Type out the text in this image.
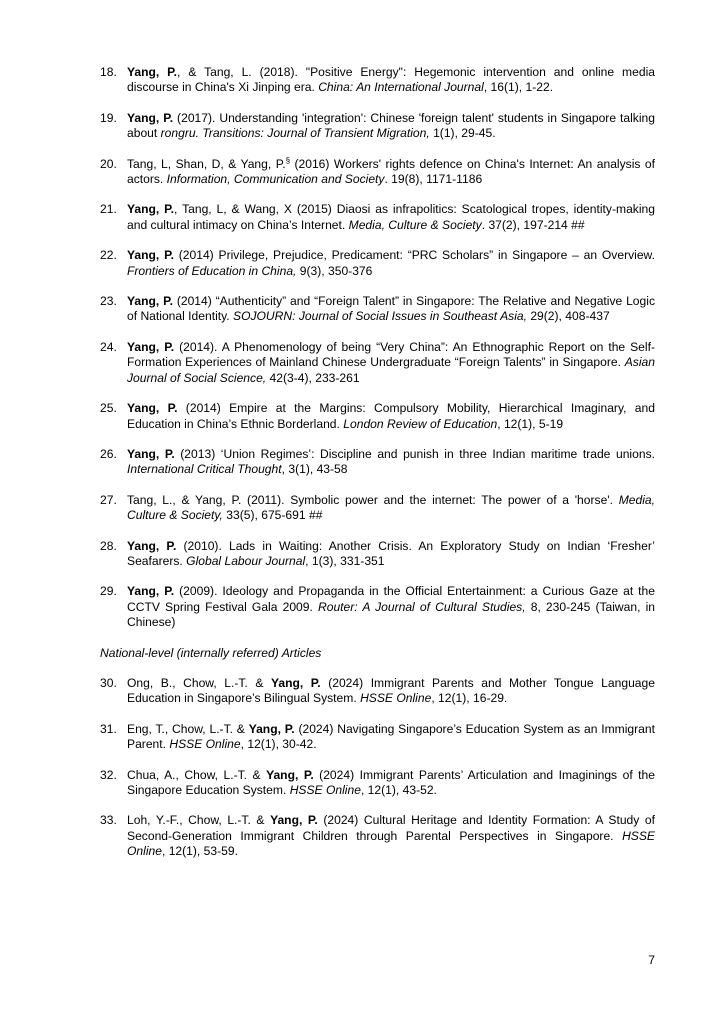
18. Yang, P., & Tang, L. (2018). "Positive Energy": Hegemonic intervention and online media discourse in China's Xi Jinping era. China: An International Journal, 16(1), 1-22.
19. Yang, P. (2017). Understanding 'integration': Chinese 'foreign talent' students in Singapore talking about rongru. Transitions: Journal of Transient Migration, 1(1), 29-45.
20. Tang, L, Shan, D, & Yang, P.§ (2016) Workers' rights defence on China's Internet: An analysis of actors. Information, Communication and Society. 19(8), 1171-1186
21. Yang, P., Tang, L, & Wang, X (2015) Diaosi as infrapolitics: Scatological tropes, identity-making and cultural intimacy on China’s Internet. Media, Culture & Society. 37(2), 197-214 ##
22. Yang, P. (2014) Privilege, Prejudice, Predicament: “PRC Scholars” in Singapore – an Overview. Frontiers of Education in China, 9(3), 350-376
23. Yang, P. (2014) “Authenticity” and “Foreign Talent” in Singapore: The Relative and Negative Logic of National Identity. SOJOURN: Journal of Social Issues in Southeast Asia, 29(2), 408-437
24. Yang, P. (2014). A Phenomenology of being “Very China”: An Ethnographic Report on the Self-Formation Experiences of Mainland Chinese Undergraduate “Foreign Talents” in Singapore. Asian Journal of Social Science, 42(3-4), 233-261
25. Yang, P. (2014) Empire at the Margins: Compulsory Mobility, Hierarchical Imaginary, and Education in China’s Ethnic Borderland. London Review of Education, 12(1), 5-19
26. Yang, P. (2013) ‘Union Regimes’: Discipline and punish in three Indian maritime trade unions. International Critical Thought, 3(1), 43-58
27. Tang, L., & Yang, P. (2011). Symbolic power and the internet: The power of a 'horse'. Media, Culture & Society, 33(5), 675-691 ##
28. Yang, P. (2010). Lads in Waiting: Another Crisis. An Exploratory Study on Indian ‘Fresher’ Seafarers. Global Labour Journal, 1(3), 331-351
29. Yang, P. (2009). Ideology and Propaganda in the Official Entertainment: a Curious Gaze at the CCTV Spring Festival Gala 2009. Router: A Journal of Cultural Studies, 8, 230-245 (Taiwan, in Chinese)

National-level (internally referred) Articles

30. Ong, B., Chow, L.-T. & Yang, P. (2024) Immigrant Parents and Mother Tongue Language Education in Singapore’s Bilingual System. HSSE Online, 12(1), 16-29.
31. Eng, T., Chow, L.-T. & Yang, P. (2024) Navigating Singapore’s Education System as an Immigrant Parent. HSSE Online, 12(1), 30-42.
32. Chua, A., Chow, L.-T. & Yang, P. (2024) Immigrant Parents’ Articulation and Imaginings of the Singapore Education System. HSSE Online, 12(1), 43-52.
33. Loh, Y.-F., Chow, L.-T. & Yang, P. (2024) Cultural Heritage and Identity Formation: A Study of Second-Generation Immigrant Children through Parental Perspectives in Singapore. HSSE Online, 12(1), 53-59.
7
